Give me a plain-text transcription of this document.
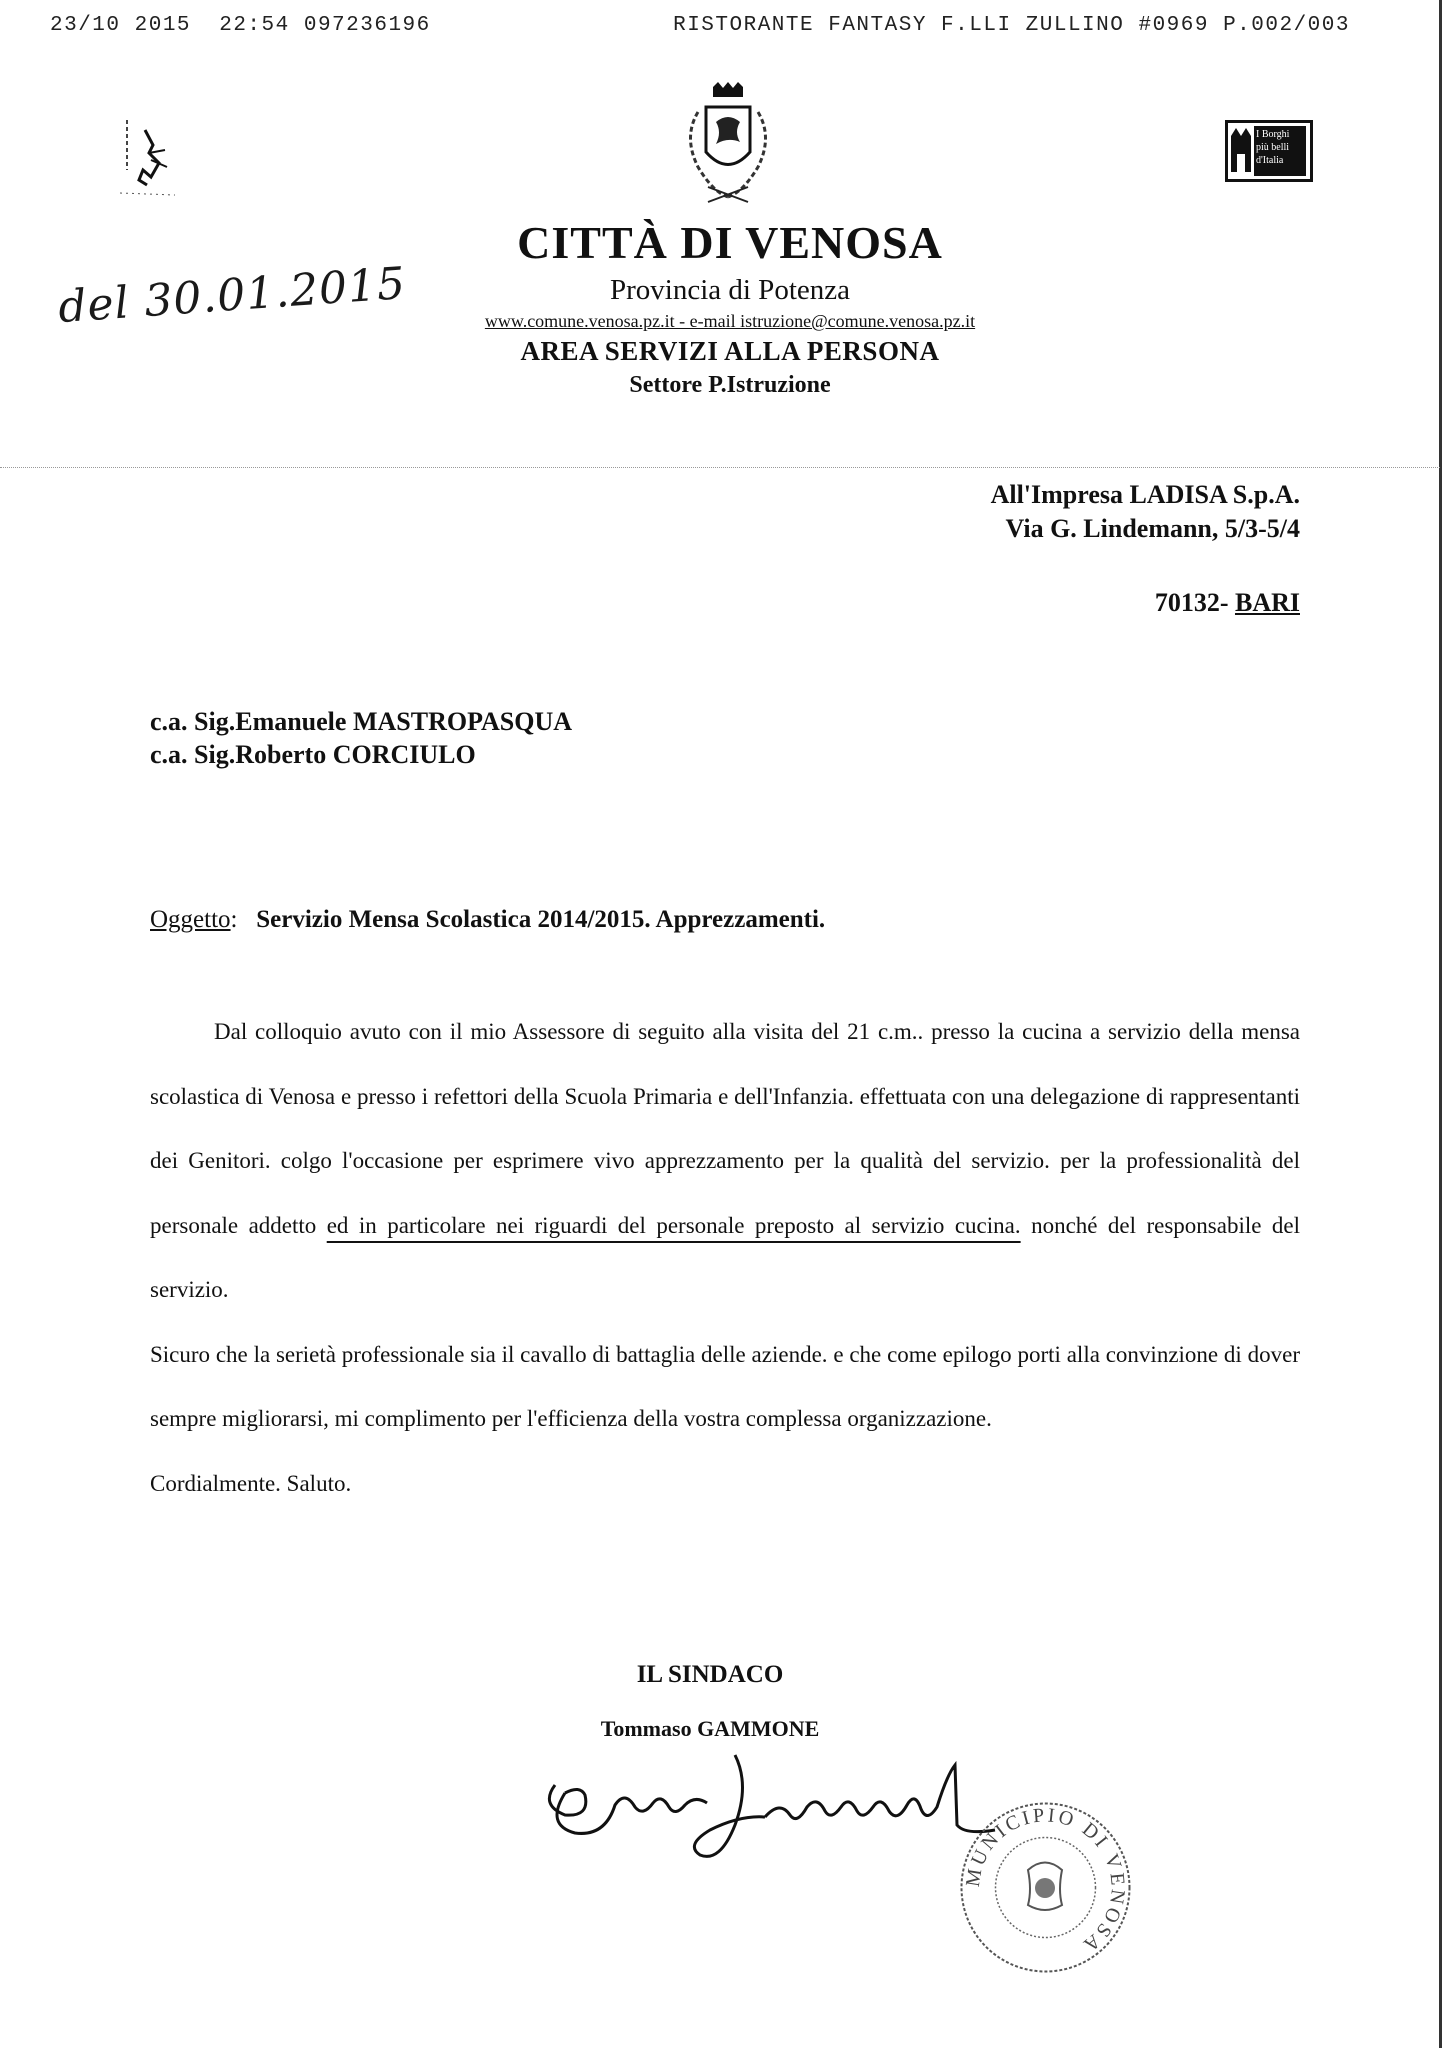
23/10 2015  22:54 097236196	RISTORANTE FANTASY F.LLI ZULLINO #0969 P.002/003
I Borghi più belli d'Italia
del 30.01.2015
CITTÀ DI VENOSA
Provincia di Potenza
www.comune.venosa.pz.it - e-mail istruzione@comune.venosa.pz.it
AREA SERVIZI ALLA PERSONA
Settore P.Istruzione
All'Impresa LADISA S.p.A.
Via G. Lindemann, 5/3-5/4
70132- BARI
c.a. Sig.Emanuele MASTROPASQUA
c.a. Sig.Roberto CORCIULO
Oggetto:   Servizio Mensa Scolastica 2014/2015. Apprezzamenti.

Dal colloquio avuto con il mio Assessore di seguito alla visita del 21 c.m.. presso la cucina a servizio della mensa scolastica di Venosa e presso i refettori della Scuola Primaria e dell'Infanzia. effettuata con una delegazione di rappresentanti dei Genitori. colgo l'occasione per esprimere vivo apprezzamento per la qualità del servizio. per la professionalità del personale addetto ed in particolare nei riguardi del personale preposto al servizio cucina. nonché del responsabile del servizio.

Sicuro che la serietà professionale sia il cavallo di battaglia delle aziende. e che come epilogo porti alla convinzione di dover sempre migliorarsi, mi complimento per l'efficienza della vostra complessa organizzazione.

Cordialmente. Saluto.

IL SINDACO
Tommaso GAMMONE
MUNICIPIO DI VENOSA
